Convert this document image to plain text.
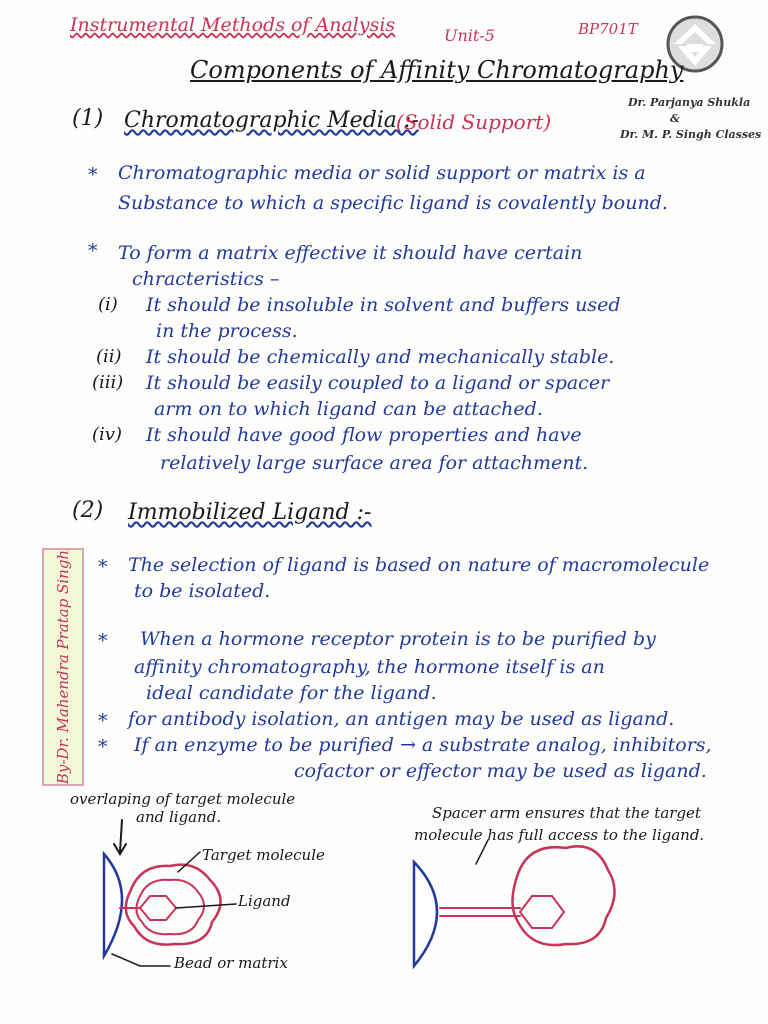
Instrumental Methods of Analysis	Unit-5	BP701T
Dr. Parjanya Shukla
&
Dr. M. P. Singh Classes
Components of Affinity Chromatography
(1) Chromatographic Media :-
(Solid Support)
* Chromatographic media or solid support or matrix is a
Substance to which a specific ligand is covalently bound.
* To form a matrix effective it should have certain
chracteristics –
(i) It should be insoluble in solvent and buffers used
in the process.
(ii) It should be chemically and mechanically stable.
(iii) It should be easily coupled to a ligand or spacer
arm on to which ligand can be attached.
(iv) It should have good flow properties and have
relatively large surface area for attachment.
(2) Immobilized Ligand :-
By-Dr. Mahendra Pratap Singh * The selection of ligand is based on nature of macromolecule
to be isolated.
* When a hormone receptor protein is to be purified by
affinity chromatography, the hormone itself is an
ideal candidate for the ligand.
* for antibody isolation, an antigen may be used as ligand.
* If an enzyme to be purified → a substrate analog, inhibitors,
cofactor or effector may be used as ligand.
overlaping of target molecule
and ligand.
Target molecule
Ligand
Bead or matrix
Spacer arm ensures that the target
molecule has full access to the ligand.
